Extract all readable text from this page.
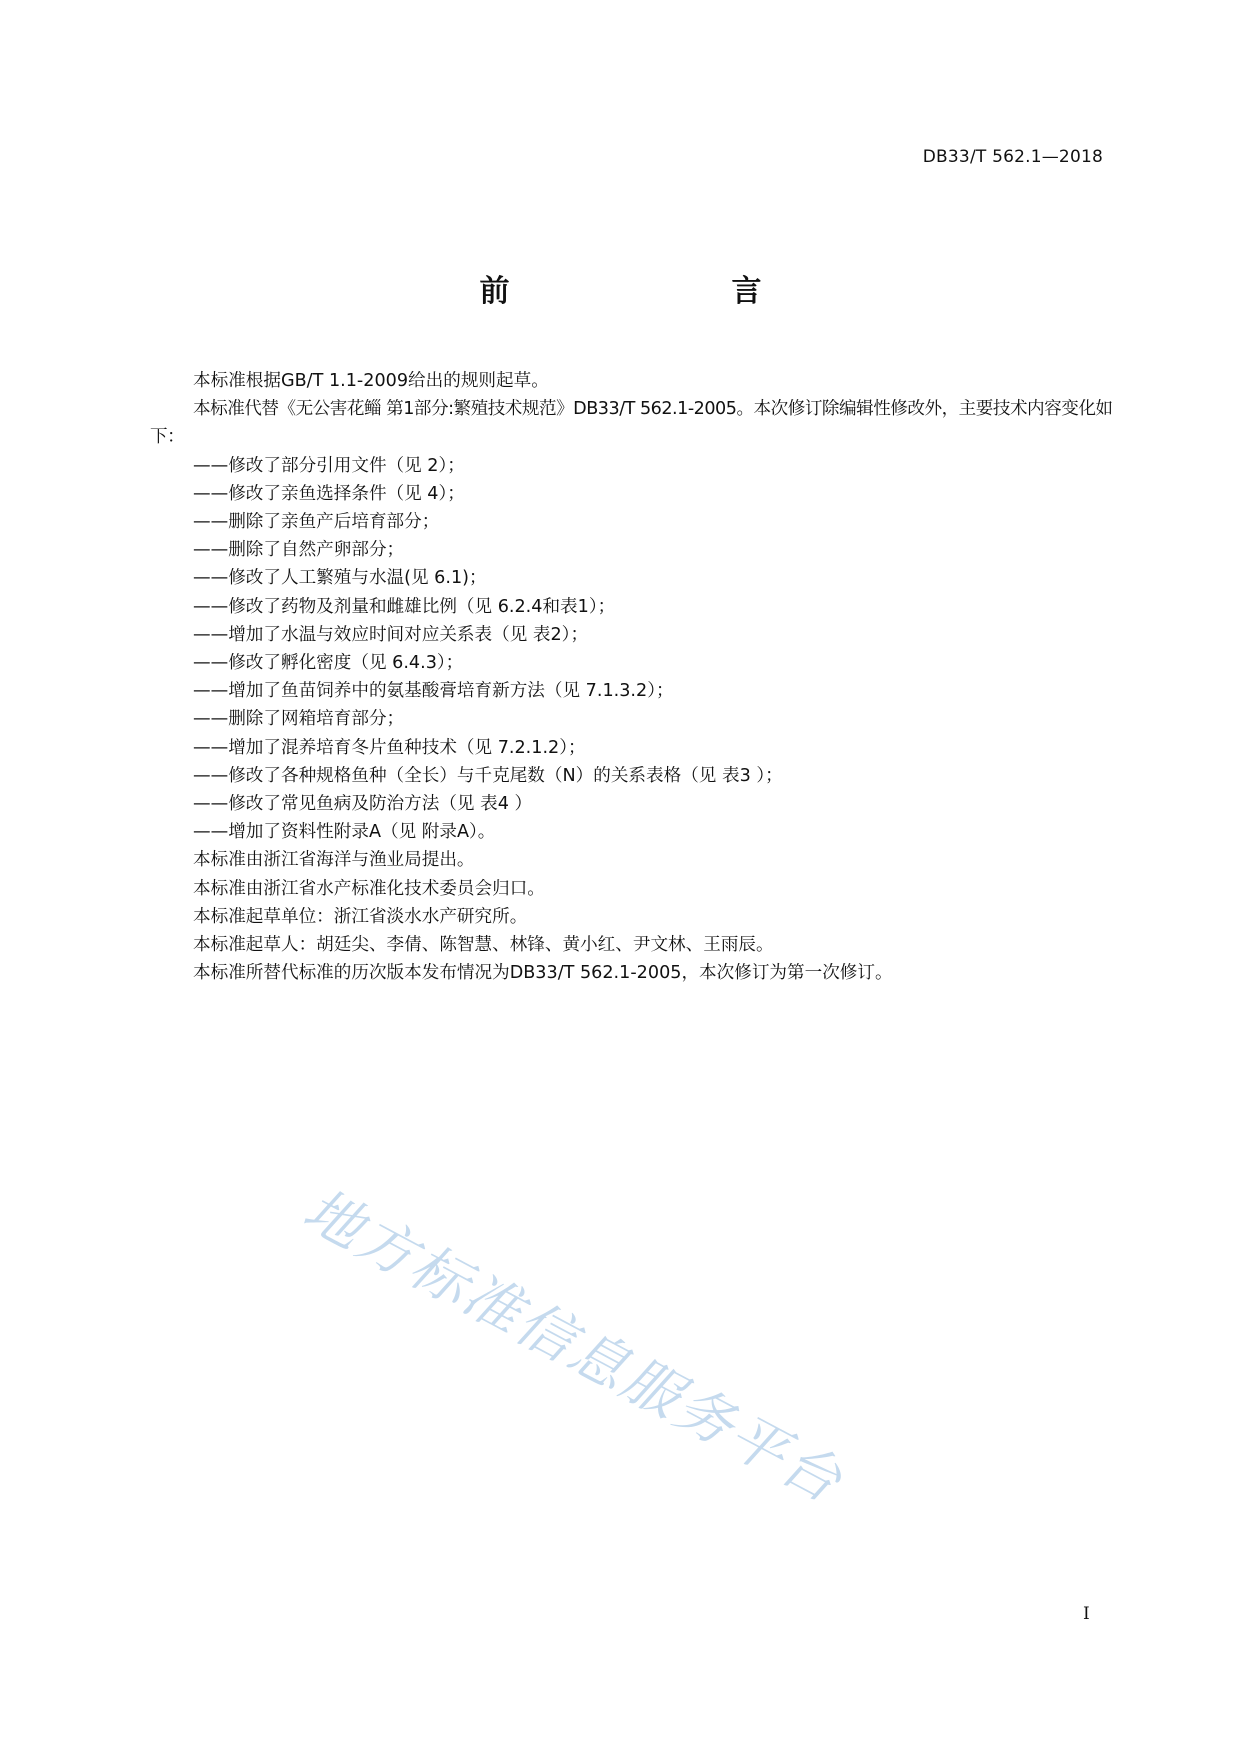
DB33/T 562.1—2018
前　　言
本标准根据GB/T 1.1-2009给出的规则起草。
本标准代替《无公害花鲻 第1部分:繁殖技术规范》DB33/T 562.1-2005。本次修订除编辑性修改外，主要技术内容变化如下：
——修改了部分引用文件（见 2）；
——修改了亲鱼选择条件（见 4）；
——删除了亲鱼产后培育部分；
——删除了自然产卵部分；
——修改了人工繁殖与水温(见 6.1)；
——修改了药物及剂量和雌雄比例（见 6.2.4和表1）；
——增加了水温与效应时间对应关系表（见 表2）；
——修改了孵化密度（见 6.4.3）；
——增加了鱼苗饲养中的氨基酸膏培育新方法（见 7.1.3.2）；
——删除了网箱培育部分；
——增加了混养培育冬片鱼种技术（见 7.2.1.2）；
——修改了各种规格鱼种（全长）与千克尾数（N）的关系表格（见 表3 ）；
——修改了常见鱼病及防治方法（见 表4 ）
——增加了资料性附录A（见 附录A）。
本标准由浙江省海洋与渔业局提出。
本标准由浙江省水产标准化技术委员会归口。
本标准起草单位：浙江省淡水水产研究所。
本标准起草人：胡廷尖、李倩、陈智慧、林锋、黄小红、尹文林、王雨辰。
本标准所替代标准的历次版本发布情况为DB33/T 562.1-2005，本次修订为第一次修订。
地方标准信息服务平台
I
